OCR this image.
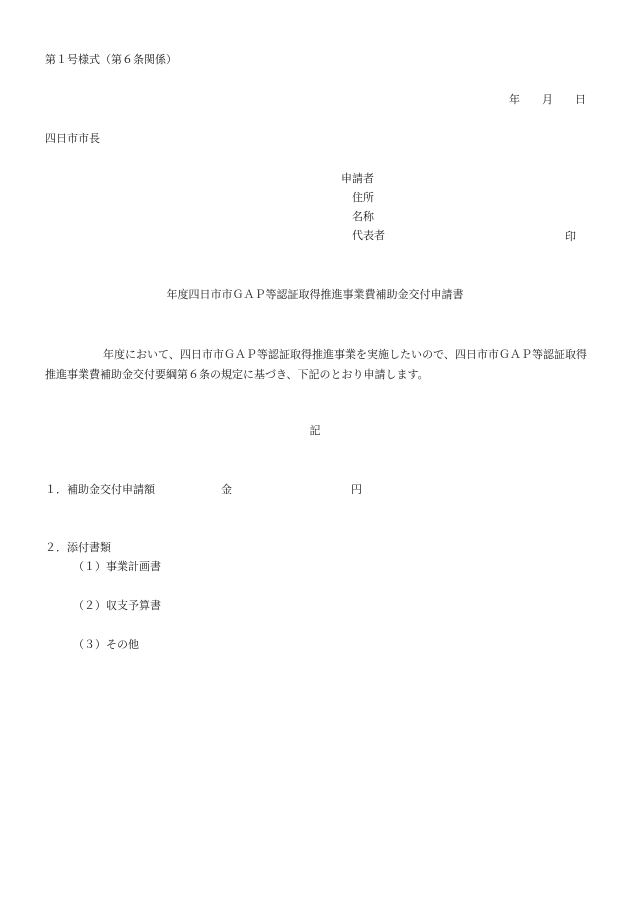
第１号様式（第６条関係）
年 月 日
四日市市長
申請者
住所
名称
代表者	印
年度四日市市ＧＡＰ等認証取得推進事業費補助金交付申請書
年度において、四日市市ＧＡＰ等認証取得推進事業を実施したいので、四日市市ＧＡＰ等認証取得推進事業費補助金交付要綱第６条の規定に基づき、下記のとおり申請します。
記
１．補助金交付申請額	金	円
２．添付書類
（１）事業計画書
（２）収支予算書
（３）その他
